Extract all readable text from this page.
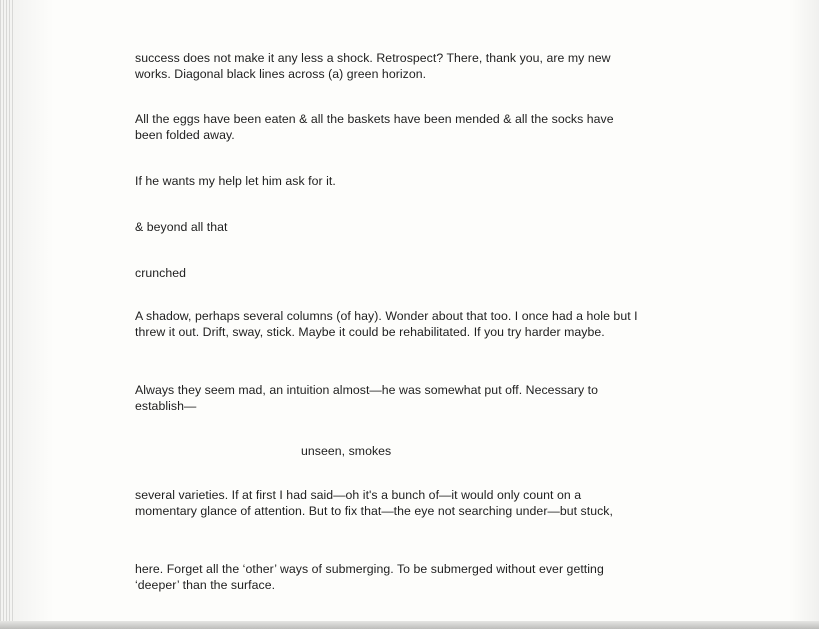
success does not make it any less a shock. Retrospect? There, thank you, are my new works. Diagonal black lines across (a) green horizon.

All the eggs have been eaten & all the baskets have been mended & all the socks have been folded away.

If he wants my help let him ask for it.

& beyond all that

crunched

A shadow, perhaps several columns (of hay). Wonder about that too. I once had a hole but I threw it out. Drift, sway, stick. Maybe it could be rehabilitated. If you try harder maybe.

Always they seem mad, an intuition almost—he was somewhat put off. Necessary to establish—

unseen, smokes

several varieties. If at first I had said—oh it's a bunch of—it would only count on a momentary glance of attention. But to fix that—the eye not searching under—but stuck,

here. Forget all the ‘other’ ways of submerging. To be submerged without ever getting ‘deeper’ than the surface.
